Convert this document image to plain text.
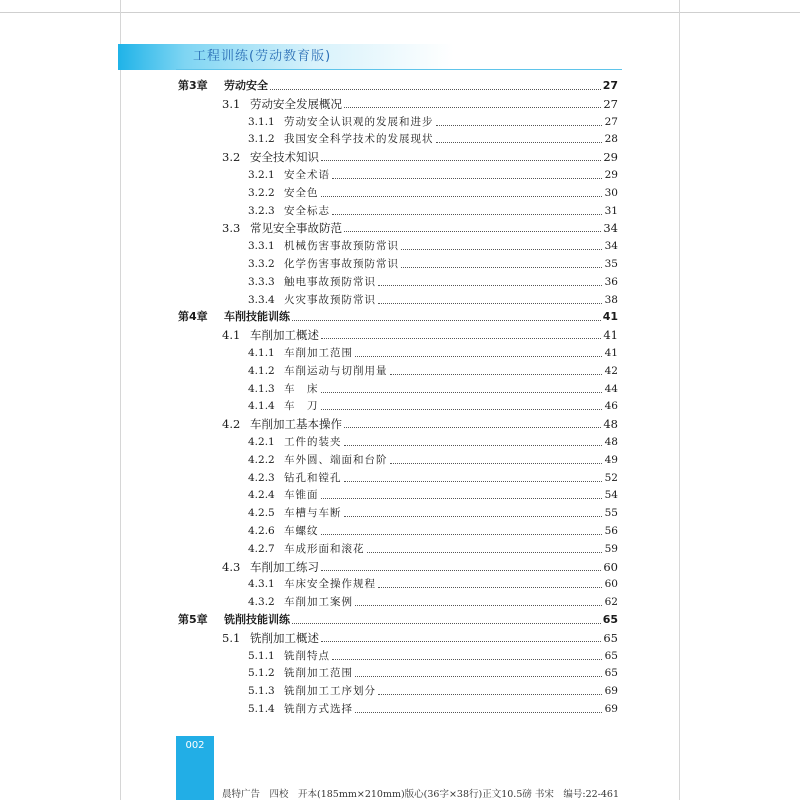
工程训练(劳动教育版)
第3章	劳动安全	27
3.1 劳动安全发展概况	27
3.1.1 劳动安全认识观的发展和进步	27
3.1.2 我国安全科学技术的发展现状	28
3.2 安全技术知识	29
3.2.1 安全术语	29
3.2.2 安全色	30
3.2.3 安全标志	31
3.3 常见安全事故防范	34
3.3.1 机械伤害事故预防常识	34
3.3.2 化学伤害事故预防常识	35
3.3.3 触电事故预防常识	36
3.3.4 火灾事故预防常识	38
第4章	车削技能训练	41
4.1 车削加工概述	41
4.1.1 车削加工范围	41
4.1.2 车削运动与切削用量	42
4.1.3 车　床	44
4.1.4 车　刀	46
4.2 车削加工基本操作	48
4.2.1 工件的装夹	48
4.2.2 车外圆、端面和台阶	49
4.2.3 钻孔和镗孔	52
4.2.4 车锥面	54
4.2.5 车槽与车断	55
4.2.6 车螺纹	56
4.2.7 车成形面和滚花	59
4.3 车削加工练习	60
4.3.1 车床安全操作规程	60
4.3.2 车削加工案例	62
第5章	铣削技能训练	65
5.1 铣削加工概述	65
5.1.1 铣削特点	65
5.1.2 铣削加工范围	65
5.1.3 铣削加工工序划分	69
5.1.4 铣削方式选择	69
002
晨特广告　四校　开本(185mm×210mm)版心(36字×38行)正文10.5磅 书宋　编号:22-461
